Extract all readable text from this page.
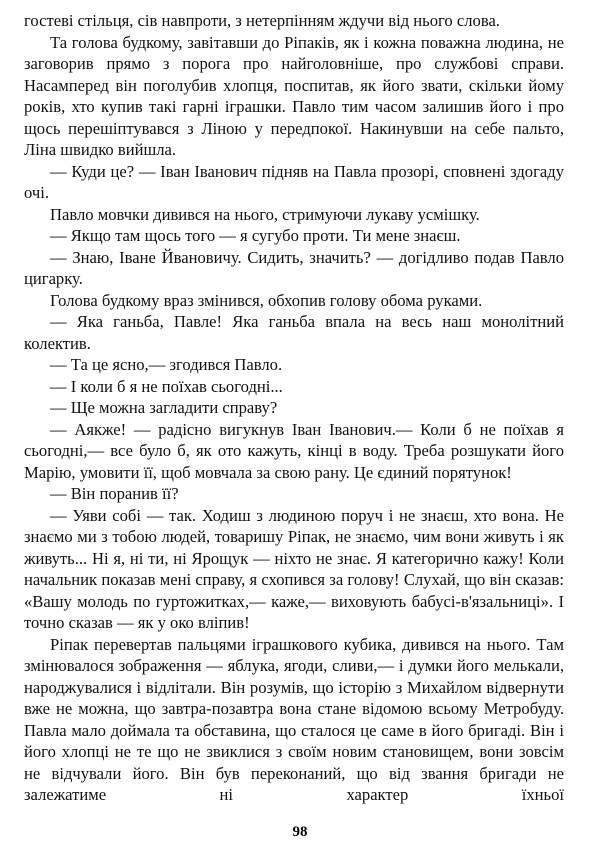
гостеві стільця, сів навпроти, з нетерпінням ждучи від нього слова.

Та голова будкому, завітавши до Ріпаків, як і кожна поважна людина, не заговорив прямо з порога про найголовніше, про службові справи. Насамперед він поголубив хлопця, поспитав, як його звати, скільки йому років, хто купив такі гарні іграшки. Павло тим часом залишив його і про щось перешіптувався з Ліною у передпокої. Накинувши на себе пальто, Ліна швидко вийшла.

— Куди це? — Іван Іванович підняв на Павла прозорі, сповнені здогаду очі.

Павло мовчки дивився на нього, стримуючи лукаву усмішку.

— Якщо там щось того — я сугубо проти. Ти мене знаєш.

— Знаю, Іване Йвановичу. Сидить, значить? — догідливо подав Павло цигарку.

Голова будкому враз змінився, обхопив голову обома руками.

— Яка ганьба, Павле! Яка ганьба впала на весь наш монолітний колектив.

— Та це ясно,— згодився Павло.

— І коли б я не поїхав сьогодні...

— Ще можна загладити справу?

— Аякже! — радісно вигукнув Іван Іванович.— Коли б не поїхав я сьогодні,— все було б, як ото кажуть, кінці в воду. Треба розшукати його Марію, умовити її, щоб мовчала за свою рану. Це єдиний порятунок!

— Він поранив її?

— Уяви собі — так. Ходиш з людиною поруч і не знаєш, хто вона. Не знаємо ми з тобою людей, товаришу Ріпак, не знаємо, чим вони живуть і як живуть... Ні я, ні ти, ні Ярощук — ніхто не знає. Я категорично кажу! Коли начальник показав мені справу, я схопився за голову! Слухай, що він сказав: «Вашу молодь по гуртожитках,— каже,— виховують бабусі-в'язальниці». І точно сказав — як у око вліпив!

Ріпак перевертав пальцями іграшкового кубика, дивився на нього. Там змінювалося зображення — яблука, ягоди, сливи,— і думки його мелькали, народжувалися і відлітали. Він розумів, що історію з Михайлом відвернути вже не можна, що завтра-позавтра вона стане відомою всьому Метробуду. Павла мало доймала та обставина, що сталося це саме в його бригаді. Він і його хлопці не те що не звиклися з своїм новим становищем, вони зовсім не відчували його. Він був переконаний, що від звання бригади не залежатиме ні характер їхньої

98
